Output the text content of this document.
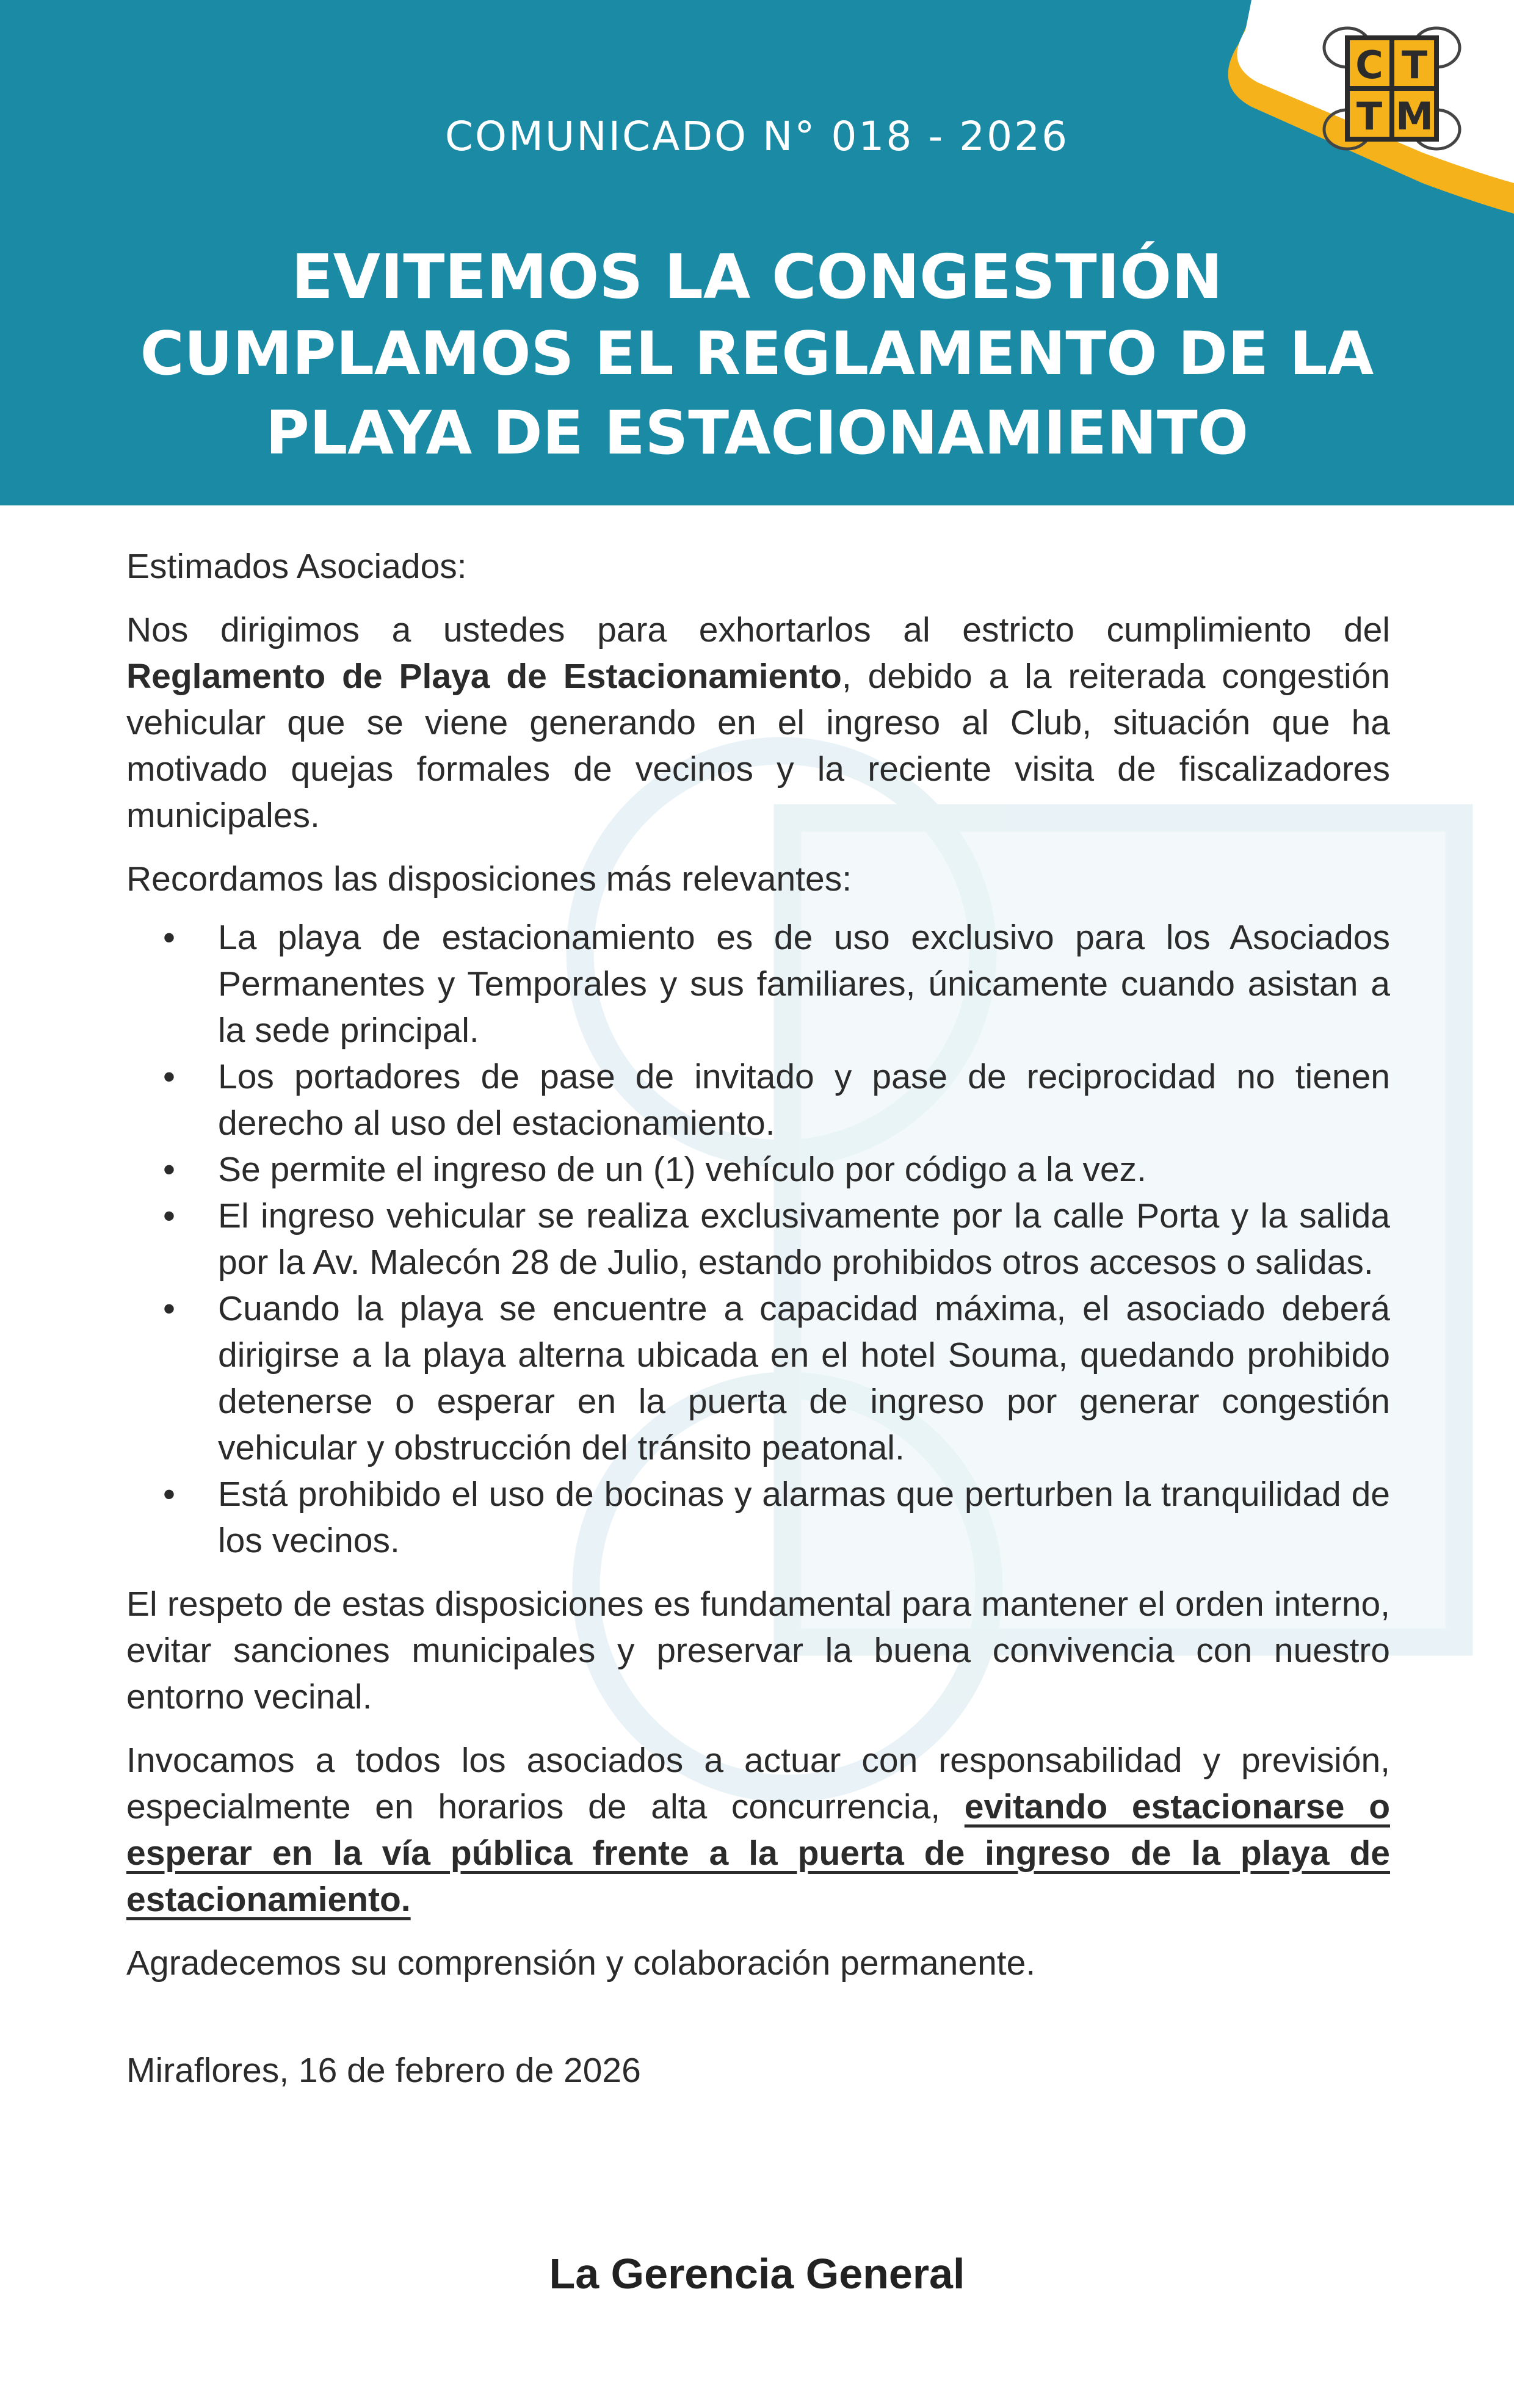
C T
T M
COMUNICADO N° 018 - 2026
EVITEMOS LA CONGESTIÓN
CUMPLAMOS EL REGLAMENTO DE LA
PLAYA DE ESTACIONAMIENTO

Estimados Asociados:

Nos dirigimos a ustedes para exhortarlos al estricto cumplimiento del Reglamento de Playa de Estacionamiento, debido a la reiterada congestión vehicular que se viene generando en el ingreso al Club, situación que ha motivado quejas formales de vecinos y la reciente visita de fiscalizadores municipales.

Recordamos las disposiciones más relevantes:

• La playa de estacionamiento es de uso exclusivo para los Asociados Permanentes y Temporales y sus familiares, únicamente cuando asistan a la sede principal.
• Los portadores de pase de invitado y pase de reciprocidad no tienen derecho al uso del estacionamiento.
• Se permite el ingreso de un (1) vehículo por código a la vez.
• El ingreso vehicular se realiza exclusivamente por la calle Porta y la salida por la Av. Malecón 28 de Julio, estando prohibidos otros accesos o salidas.
• Cuando la playa se encuentre a capacidad máxima, el asociado deberá dirigirse a la playa alterna ubicada en el hotel Souma, quedando prohibido detenerse o esperar en la puerta de ingreso por generar congestión vehicular y obstrucción del tránsito peatonal.
• Está prohibido el uso de bocinas y alarmas que perturben la tranquilidad de los vecinos.

El respeto de estas disposiciones es fundamental para mantener el orden interno, evitar sanciones municipales y preservar la buena convivencia con nuestro entorno vecinal.

Invocamos a todos los asociados a actuar con responsabilidad y previsión, especialmente en horarios de alta concurrencia, evitando estacionarse o esperar en la vía pública frente a la puerta de ingreso de la playa de estacionamiento.

Agradecemos su comprensión y colaboración permanente.

Miraflores, 16 de febrero de 2026

La Gerencia General
